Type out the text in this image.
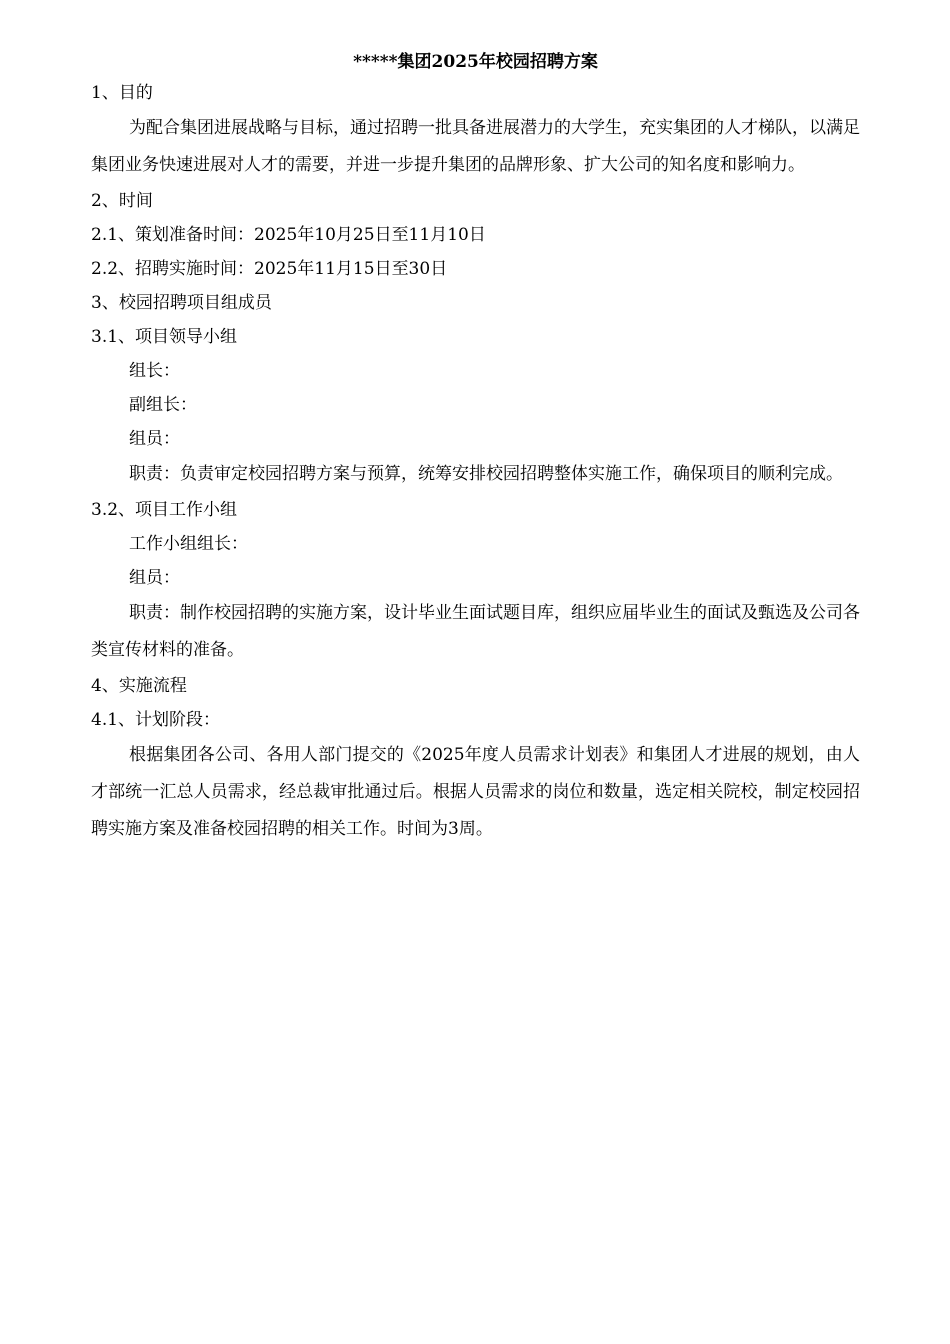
*****集团2025年校园招聘方案

1、目的

为配合集团进展战略与目标，通过招聘一批具备进展潜力的大学生，充实集团的人才梯队，以满足集团业务快速进展对人才的需要，并进一步提升集团的品牌形象、扩大公司的知名度和影响力。

2、时间

2.1、策划准备时间：2025年10月25日至11月10日

2.2、招聘实施时间：2025年11月15日至30日

3、校园招聘项目组成员

3.1、项目领导小组

组长：

副组长：

组员：

职责：负责审定校园招聘方案与预算，统筹安排校园招聘整体实施工作，确保项目的顺利完成。

3.2、项目工作小组

工作小组组长：

组员：

职责：制作校园招聘的实施方案，设计毕业生面试题目库，组织应届毕业生的面试及甄选及公司各类宣传材料的准备。

4、实施流程

4.1、计划阶段：

根据集团各公司、各用人部门提交的《2025年度人员需求计划表》和集团人才进展的规划，由人才部统一汇总人员需求，经总裁审批通过后。根据人员需求的岗位和数量，选定相关院校，制定校园招聘实施方案及准备校园招聘的相关工作。时间为3周。
